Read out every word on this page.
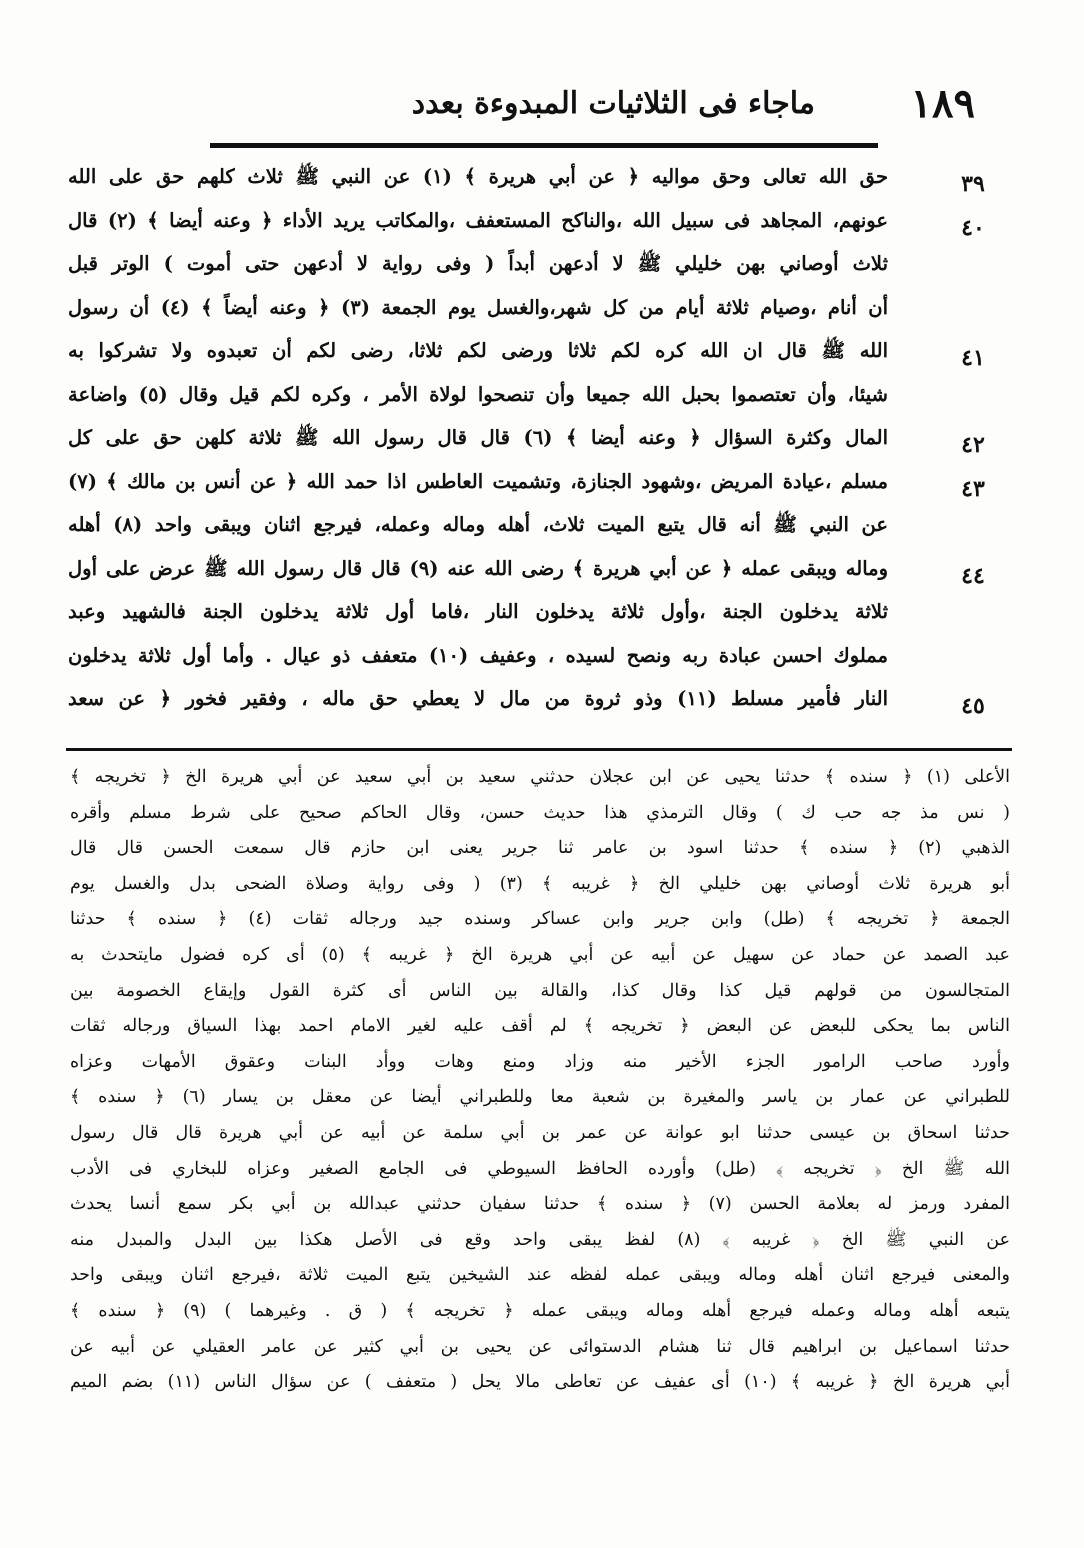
١٨٩
ماجاء فى الثلاثيات المبدوءة بعدد
حق الله تعالى وحق مواليه ﴿ عن أبي هريرة ﴾ (١) عن النبي ﷺ ثلاث كلهم حق على الله
عونهم، المجاهد فى سبيل الله ،والناكح المستعفف ،والمكاتب يريد الأداء ﴿ وعنه أيضا ﴾ (٢) قال
ثلاث أوصاني بهن خليلي ﷺ لا أدعهن أبداً ( وفى رواية لا أدعهن حتى أموت ) الوتر قبل
أن أنام ،وصيام ثلاثة أيام من كل شهر،والغسل يوم الجمعة (٣) ﴿ وعنه أيضاً ﴾ (٤) أن رسول
الله ﷺ قال ان الله كره لكم ثلاثا ورضى لكم ثلاثا، رضى لكم أن تعبدوه ولا تشركوا به
شيئا، وأن تعتصموا بحبل الله جميعا وأن تنصحوا لولاة الأمر ، وكره لكم قيل وقال (٥) واضاعة
المال وكثرة السؤال ﴿ وعنه أيضا ﴾ (٦) قال قال رسول الله ﷺ ثلاثة كلهن حق على كل
مسلم ،عيادة المريض ،وشهود الجنازة، وتشميت العاطس اذا حمد الله ﴿ عن أنس بن مالك ﴾ (٧)
عن النبي ﷺ أنه قال يتبع الميت ثلاث، أهله وماله وعمله، فيرجع اثنان ويبقى واحد (٨) أهله
وماله ويبقى عمله ﴿ عن أبي هريرة ﴾ رضى الله عنه (٩) قال قال رسول الله ﷺ عرض على أول
ثلاثة يدخلون الجنة ،وأول ثلاثة يدخلون النار ،فاما أول ثلاثة يدخلون الجنة فالشهيد وعبد
مملوك احسن عبادة ربه ونصح لسيده ، وعفيف (١٠) متعفف ذو عيال . وأما أول ثلاثة يدخلون
النار فأمير مسلط (١١) وذو ثروة من مال لا يعطي حق ماله ، وفقير فخور ﴿ عن سعد
٣٩
٤٠
٤١
٤٢
٤٣
٤٤
٤٥
الأعلى (١) ﴿ سنده ﴾ حدثنا يحيى عن ابن عجلان حدثني سعيد بن أبي سعيد عن أبي هريرة الخ ﴿ تخريجه ﴾
( نس مذ جه حب ك ) وقال الترمذي هذا حديث حسن، وقال الحاكم صحيح على شرط مسلم وأقره
الذهبي (٢) ﴿ سنده ﴾ حدثنا اسود بن عامر ثنا جرير يعنى ابن حازم قال سمعت الحسن قال قال
أبو هريرة ثلاث أوصاني بهن خليلي الخ ﴿ غريبه ﴾ (٣) ( وفى رواية وصلاة الضحى بدل والغسل يوم
الجمعة ﴿ تخريجه ﴾ (طل) وابن جرير وابن عساكر وسنده جيد ورجاله ثقات (٤) ﴿ سنده ﴾ حدثنا
عبد الصمد عن حماد عن سهيل عن أبيه عن أبي هريرة الخ ﴿ غريبه ﴾ (٥) أى كره فضول مايتحدث به
المتجالسون من قولهم قيل كذا وقال كذا، والقالة بين الناس أى كثرة القول وإيقاع الخصومة بين
الناس بما يحكى للبعض عن البعض ﴿ تخريجه ﴾ لم أقف عليه لغير الامام احمد بهذا السياق ورجاله ثقات
وأورد صاحب الرامور الجزء الأخير منه وزاد ومنع وهات ووأد البنات وعقوق الأمهات وعزاه
للطبراني عن عمار بن ياسر والمغيرة بن شعبة معا وللطبراني أيضا عن معقل بن يسار (٦) ﴿ سنده ﴾
حدثنا اسحاق بن عيسى حدثنا ابو عوانة عن عمر بن أبي سلمة عن أبيه عن أبي هريرة قال قال رسول
الله ﷺ الخ ﴿ تخريجه ﴾ (طل) وأورده الحافظ السيوطي فى الجامع الصغير وعزاه للبخاري فى الأدب
المفرد ورمز له بعلامة الحسن (٧) ﴿ سنده ﴾ حدثنا سفيان حدثني عبدالله بن أبي بكر سمع أنسا يحدث
عن النبي ﷺ الخ ﴿ غريبه ﴾ (٨) لفظ يبقى واحد وقع فى الأصل هكذا بين البدل والمبدل منه
والمعنى فيرجع اثنان أهله وماله ويبقى عمله لفظه عند الشيخين يتبع الميت ثلاثة ،فيرجع اثنان ويبقى واحد
يتبعه أهله وماله وعمله فيرجع أهله وماله ويبقى عمله ﴿ تخريجه ﴾ ( ق . وغيرهما ) (٩) ﴿ سنده ﴾
حدثنا اسماعيل بن ابراهيم قال ثنا هشام الدستوائى عن يحيى بن أبي كثير عن عامر العقيلي عن أبيه عن
أبي هريرة الخ ﴿ غريبه ﴾ (١٠) أى عفيف عن تعاطى مالا يحل ( متعفف ) عن سؤال الناس (١١) بضم الميم
